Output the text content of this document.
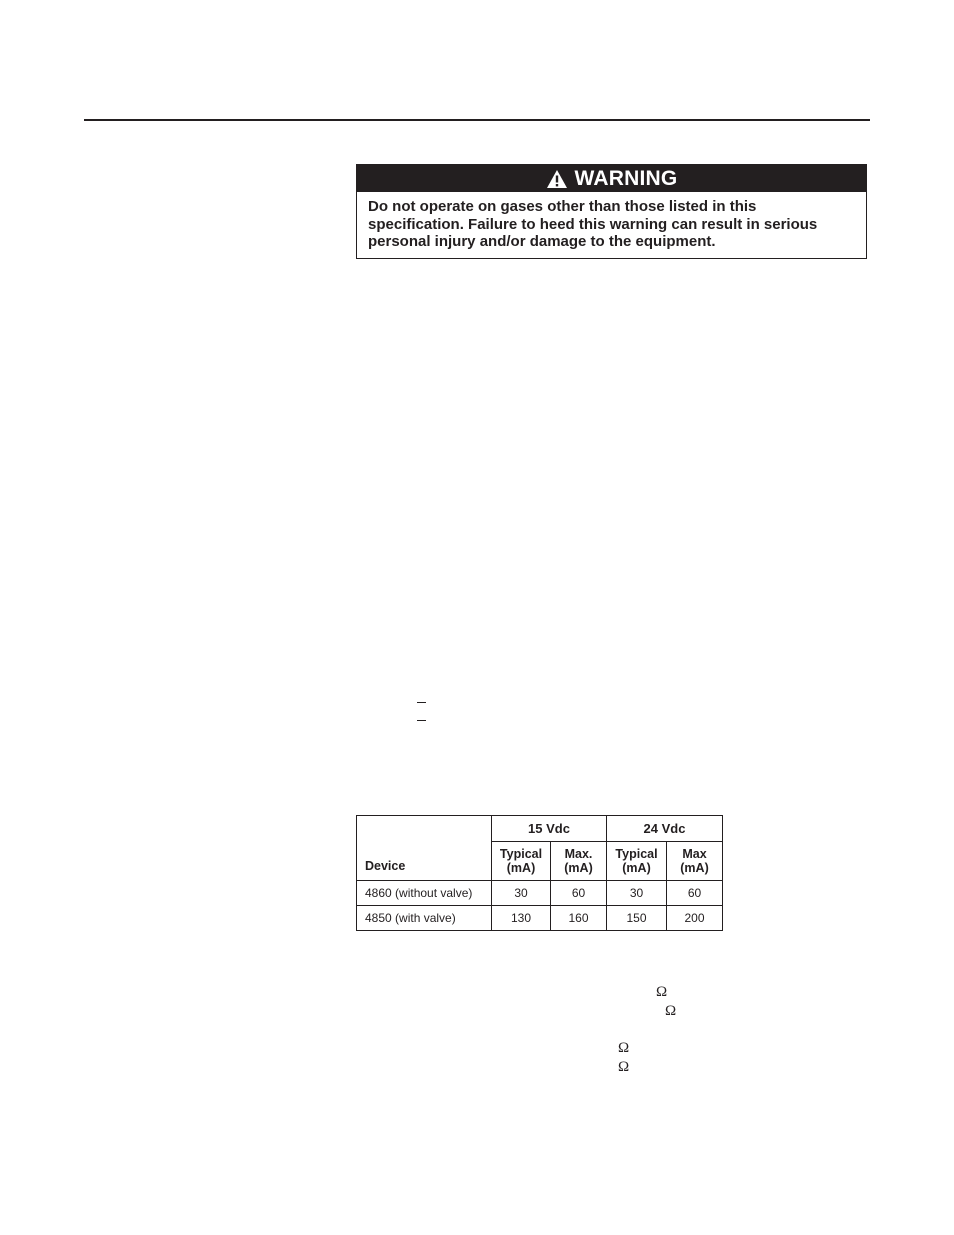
WARNING
Do not operate on gases other than those listed in this specification. Failure to heed this warning can result in serious personal injury and/or damage to the equipment.
Device	15 Vdc		24 Vdc	
	Typical (mA)	Max. (mA)	Typical (mA)	Max (mA)
4860 (without valve)	30	60	30	60
4850 (with valve)	130	160	150	200
Ω
Ω
Ω
Ω
